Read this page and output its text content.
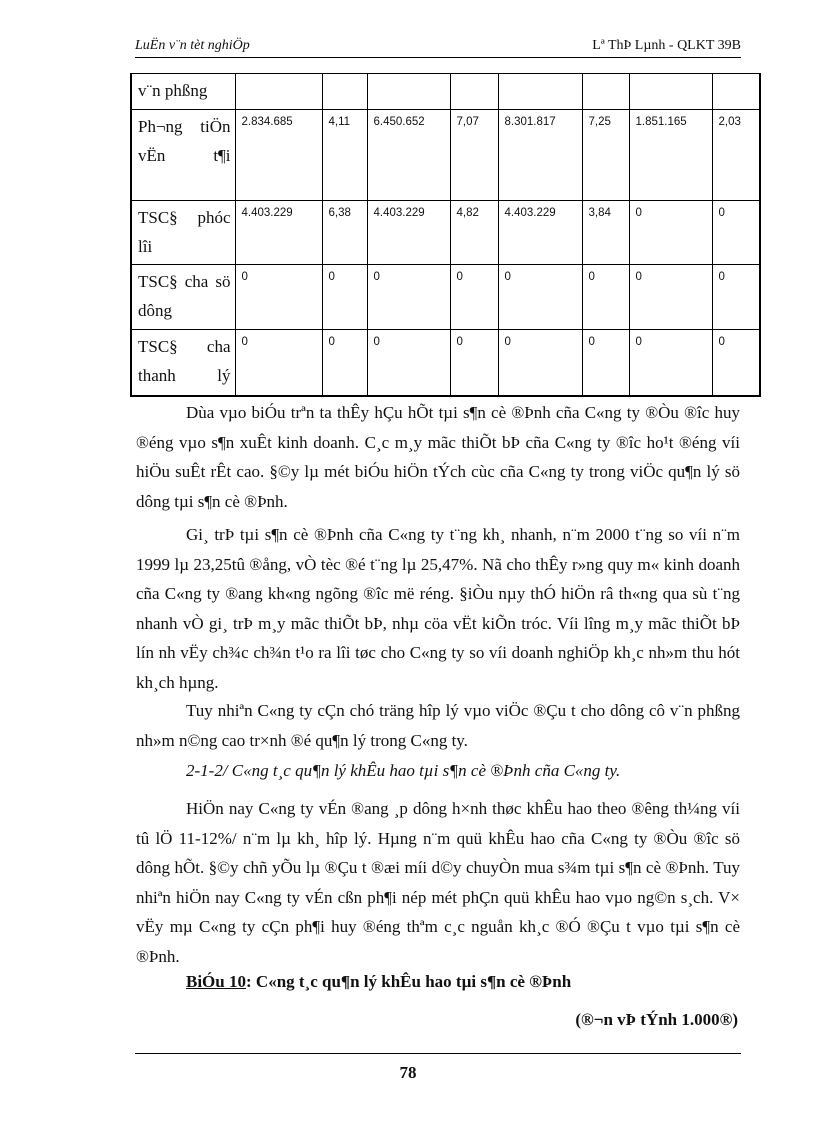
LuËn v¨n tèt nghiÖp	Lª ThÞ Lµnh - QLKT 39B
v¨n phßng								
Ph¬ng tiÖn vËn t¶i	2.834.685	4,11	6.450.652	7,07	8.301.817	7,25	1.851.165	2,03
TSC§ phóc lîi	4.403.229	6,38	4.403.229	4,82	4.403.229	3,84	0	0
TSC§ cha sö dông	0	0	0	0	0	0	0	0
TSC§ cha thanh lý	0	0	0	0	0	0	0	0

Dùa vµo biÓu trªn ta thÊy hÇu hÕt tµi s¶n cè ®Þnh cña C«ng ty ®Òu ®îc huy ®éng vµo s¶n xuÊt kinh doanh. C¸c m¸y mãc thiÕt bÞ cña C«ng ty ®îc ho¹t ®éng víi hiÖu suÊt rÊt cao. §©y lµ mét biÓu hiÖn tÝch cùc cña C«ng ty trong viÖc qu¶n lý sö dông tµi s¶n cè ®Þnh.

Gi¸ trÞ tµi s¶n cè ®Þnh cña C«ng ty t¨ng kh¸ nhanh, n¨m 2000 t¨ng so víi n¨m 1999 lµ 23,25tû ®ång, vÒ tèc ®é t¨ng lµ 25,47%. Nã cho thÊy r»ng quy m« kinh doanh cña C«ng ty ®ang kh«ng ngõng ®îc më réng. §iÒu nµy thÓ hiÖn râ th«ng qua sù t¨ng nhanh vÒ gi¸ trÞ m¸y mãc thiÕt bÞ, nhµ cöa vËt kiÕn tróc. Víi lîng m¸y mãc thiÕt bÞ lín nh vËy ch¾c ch¾n t¹o ra lîi tøc cho C«ng ty so víi doanh nghiÖp kh¸c nh»m thu hót kh¸ch hµng.

Tuy nhiªn C«ng ty cÇn chó träng hîp lý vµo viÖc ®Çu t cho dông cô v¨n phßng nh»m n©ng cao tr×nh ®é qu¶n lý trong C«ng ty.

2-1-2/ C«ng t¸c qu¶n lý khÊu hao tµi s¶n cè ®Þnh cña C«ng ty.

HiÖn nay C«ng ty vÉn ®ang ¸p dông h×nh thøc khÊu hao theo ®êng th¼ng víi tû lÖ 11-12%/ n¨m lµ kh¸ hîp lý. Hµng n¨m quü khÊu hao cña C«ng ty ®Òu ®îc sö dông hÕt. §©y chñ yÕu lµ ®Çu t ®æi míi d©y chuyÒn mua s¾m tµi s¶n cè ®Þnh. Tuy nhiªn hiÖn nay C«ng ty vÉn cßn ph¶i nép mét phÇn quü khÊu hao vµo ng©n s¸ch. V× vËy mµ C«ng ty cÇn ph¶i huy ®éng thªm c¸c nguån kh¸c ®Ó ®Çu t vµo tµi s¶n cè ®Þnh.

BiÓu 10: C«ng t¸c qu¶n lý khÊu hao tµi s¶n cè ®Þnh
(®¬n vÞ tÝnh 1.000®)
78
